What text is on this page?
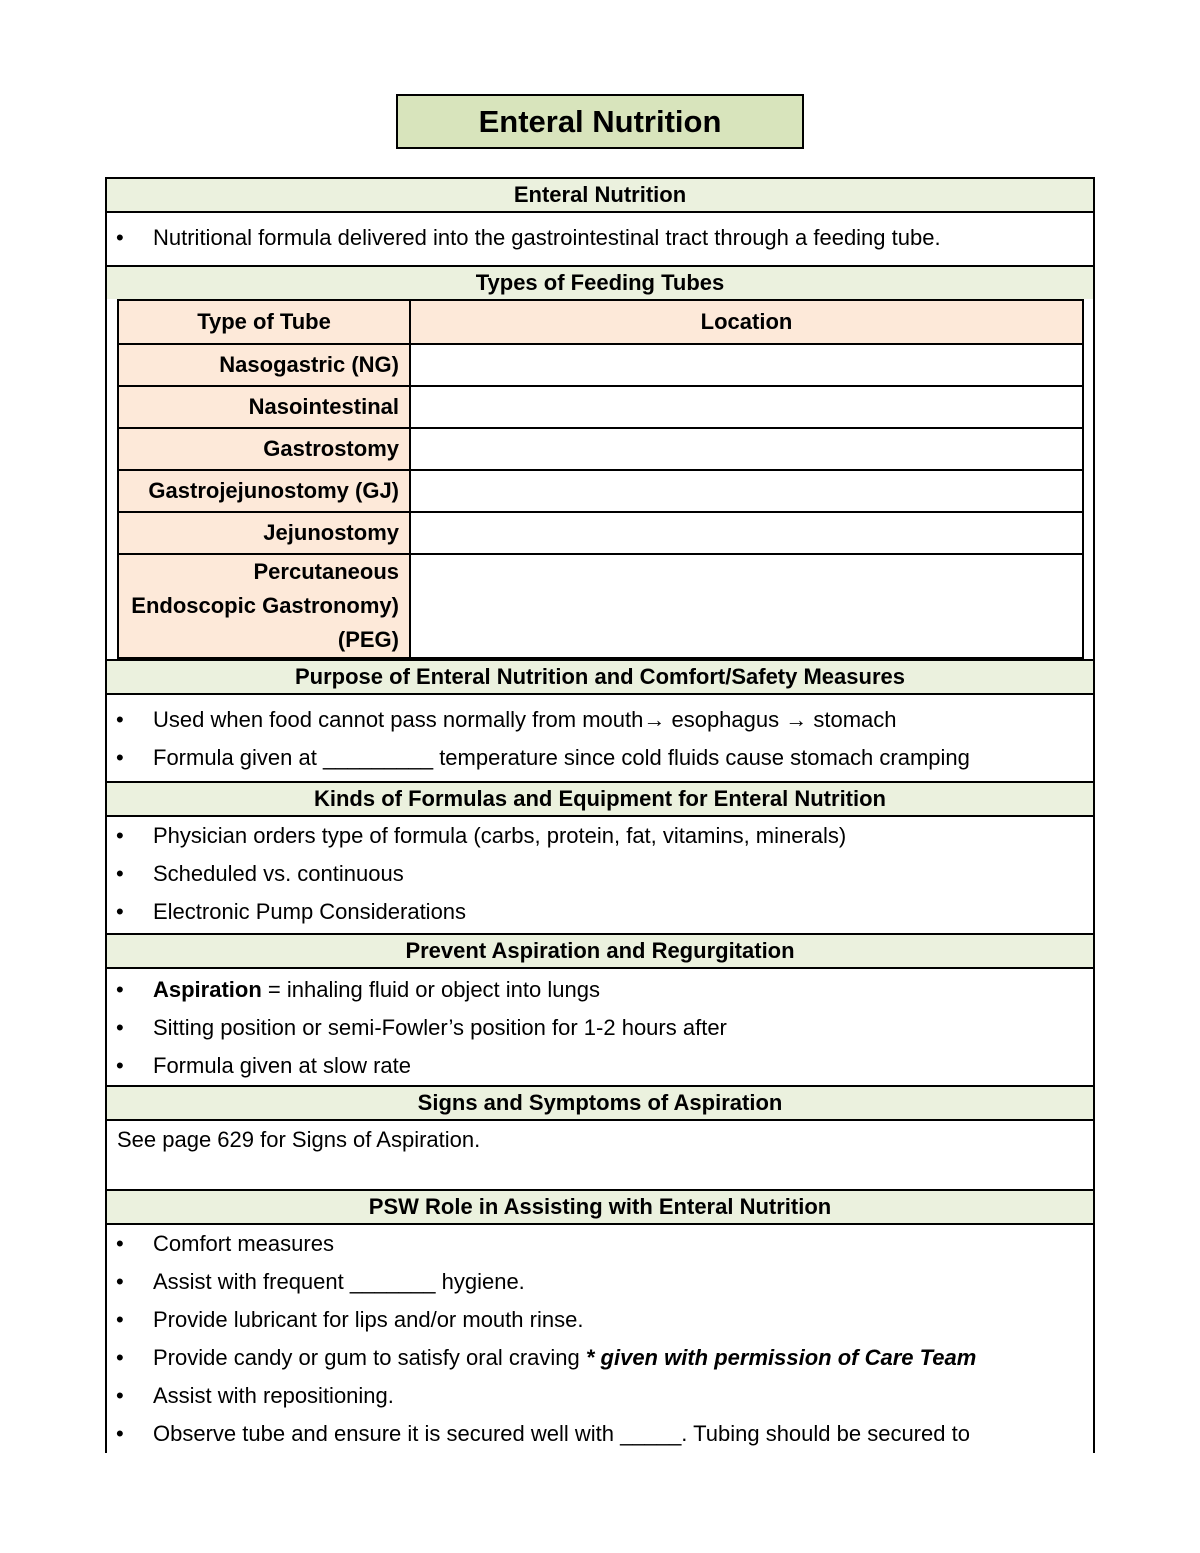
Enteral Nutrition
Enteral Nutrition
• Nutritional formula delivered into the gastrointestinal tract through a feeding tube.
Types of Feeding Tubes
Type of Tube	Location
Nasogastric (NG)	
Nasointestinal	
Gastrostomy	
Gastrojejunostomy (GJ)	
Jejunostomy	
Percutaneous Endoscopic Gastronomy) (PEG)	
Purpose of Enteral Nutrition and Comfort/Safety Measures
• Used when food cannot pass normally from mouth→ esophagus → stomach
• Formula given at _________ temperature since cold fluids cause stomach cramping
Kinds of Formulas and Equipment for Enteral Nutrition
• Physician orders type of formula (carbs, protein, fat, vitamins, minerals)
• Scheduled vs. continuous
• Electronic Pump Considerations
Prevent Aspiration and Regurgitation
• Aspiration = inhaling fluid or object into lungs
• Sitting position or semi-Fowler’s position for 1-2 hours after
• Formula given at slow rate
Signs and Symptoms of Aspiration
See page 629 for Signs of Aspiration.
PSW Role in Assisting with Enteral Nutrition
• Comfort measures
• Assist with frequent _______ hygiene.
• Provide lubricant for lips and/or mouth rinse.
• Provide candy or gum to satisfy oral craving * given with permission of Care Team
• Assist with repositioning.
• Observe tube and ensure it is secured well with _____. Tubing should be secured to
